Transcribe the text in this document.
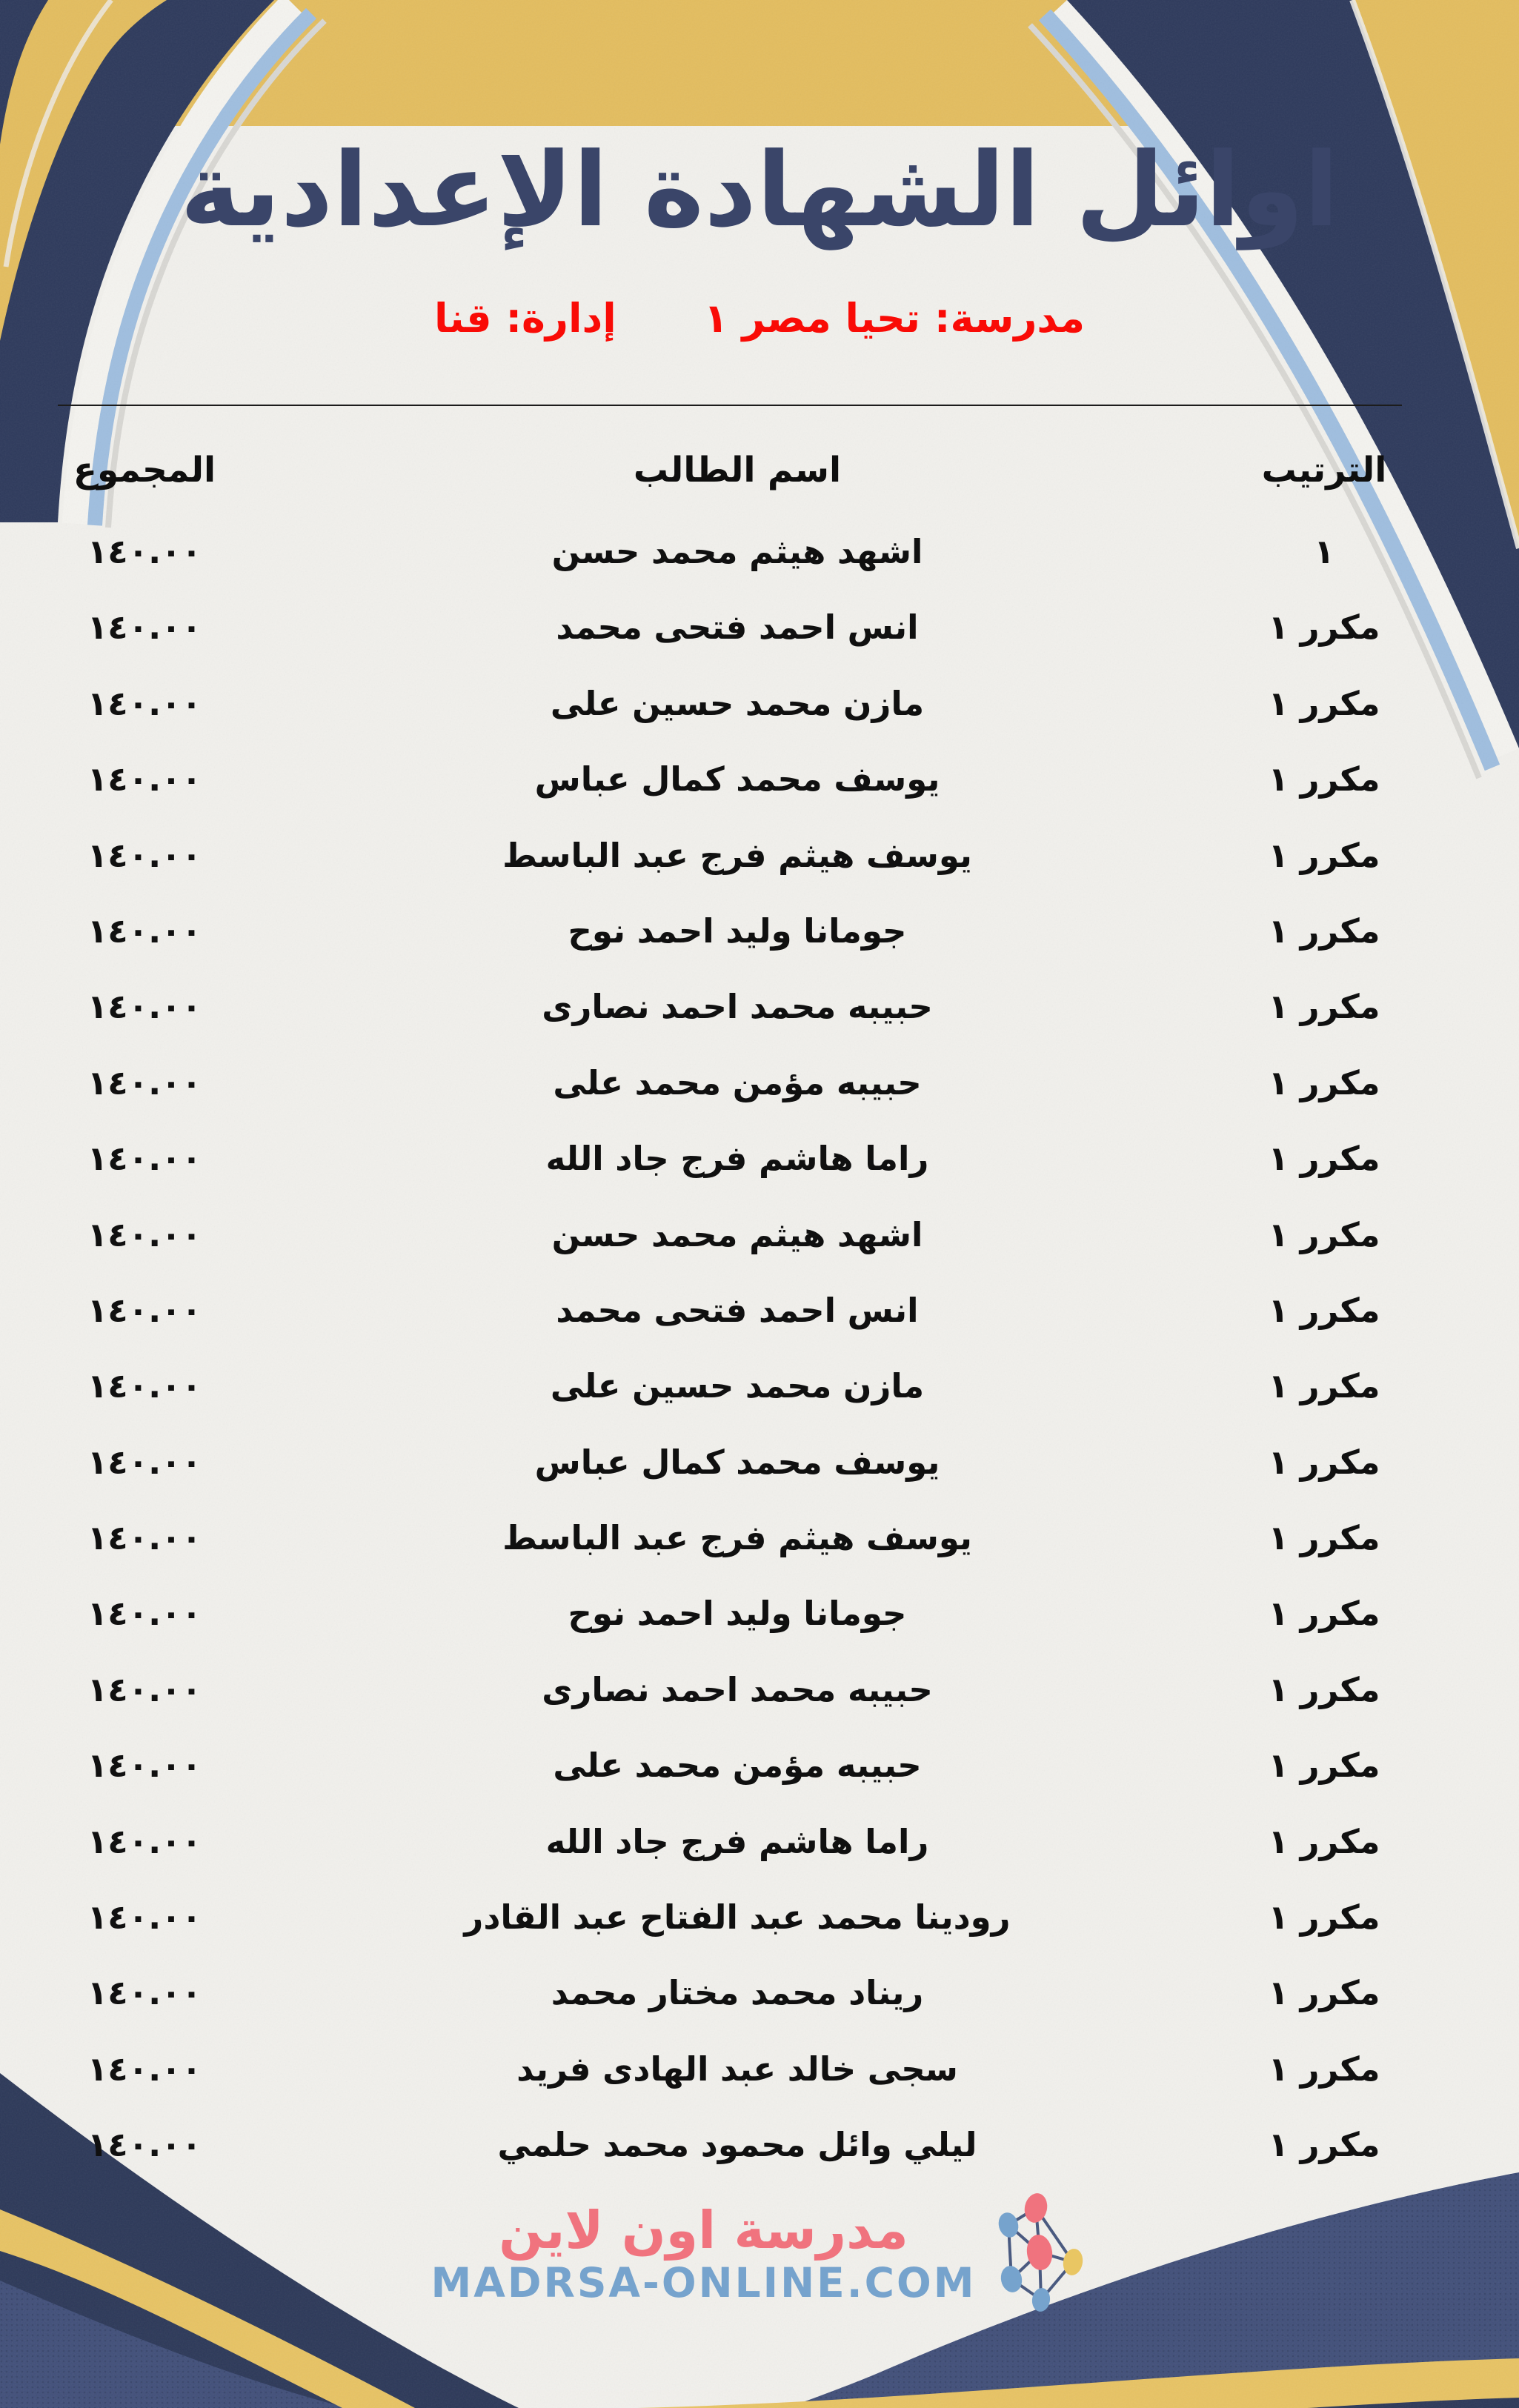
اوائل الشهادة الإعدادية
مدرسة: تحيا مصر ١
إدارة: قنا
الترتيب
اسم الطالب
المجموع
١
اشهد هيثم محمد حسن
١٤٠.٠٠
مكرر ١
انس احمد فتحى محمد
١٤٠.٠٠
مكرر ١
مازن محمد حسين على
١٤٠.٠٠
مكرر ١
يوسف محمد كمال عباس
١٤٠.٠٠
مكرر ١
يوسف هيثم فرج عبد الباسط
١٤٠.٠٠
مكرر ١
جومانا وليد احمد نوح
١٤٠.٠٠
مكرر ١
حبيبه محمد احمد نصارى
١٤٠.٠٠
مكرر ١
حبيبه مؤمن محمد على
١٤٠.٠٠
مكرر ١
راما هاشم فرج جاد الله
١٤٠.٠٠
مكرر ١
اشهد هيثم محمد حسن
١٤٠.٠٠
مكرر ١
انس احمد فتحى محمد
١٤٠.٠٠
مكرر ١
مازن محمد حسين على
١٤٠.٠٠
مكرر ١
يوسف محمد كمال عباس
١٤٠.٠٠
مكرر ١
يوسف هيثم فرج عبد الباسط
١٤٠.٠٠
مكرر ١
جومانا وليد احمد نوح
١٤٠.٠٠
مكرر ١
حبيبه محمد احمد نصارى
١٤٠.٠٠
مكرر ١
حبيبه مؤمن محمد على
١٤٠.٠٠
مكرر ١
راما هاشم فرج جاد الله
١٤٠.٠٠
مكرر ١
رودينا محمد عبد الفتاح عبد القادر
١٤٠.٠٠
مكرر ١
ريناد محمد مختار محمد
١٤٠.٠٠
مكرر ١
سجى خالد عبد الهادى فريد
١٤٠.٠٠
مكرر ١
ليلي وائل محمود محمد حلمي
١٤٠.٠٠
مدرسة اون لاين
MADRSA-ONLINE.COM
